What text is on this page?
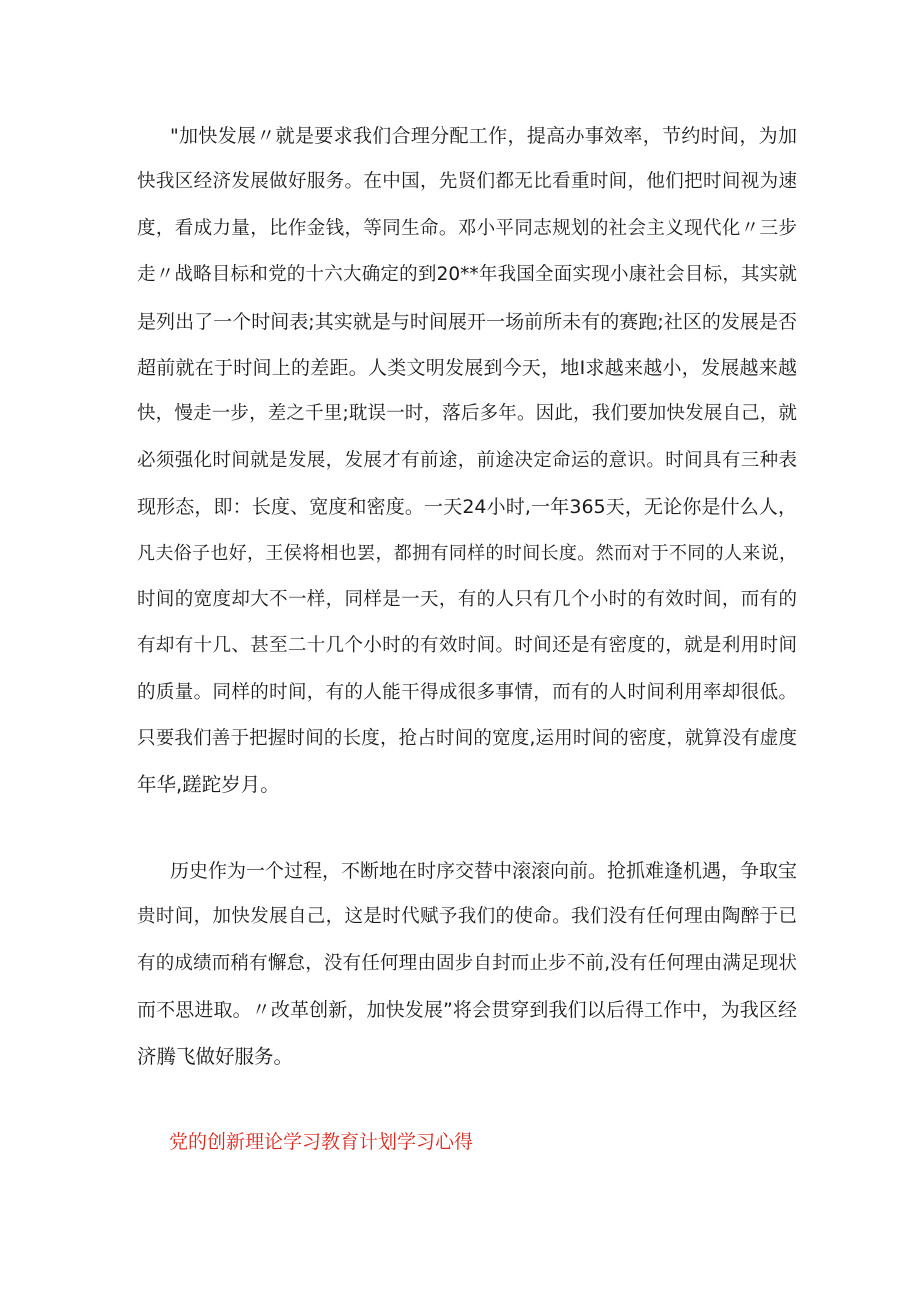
"加快发展〃就是要求我们合理分配工作，提高办事效率，节约时间，为加
快我区经济发展做好服务。在中国，先贤们都无比看重时间，他们把时间视为速
度，看成力量，比作金钱，等同生命。邓小平同志规划的社会主义现代化〃三步
走〃战略目标和党的十六大确定的到20**年我国全面实现小康社会目标，其实就
是列出了一个时间表;其实就是与时间展开一场前所未有的赛跑;社区的发展是否
超前就在于时间上的差距。人类文明发展到今天，地I求越来越小，发展越来越
快，慢走一步，差之千里;耽误一时，落后多年。因此，我们要加快发展自己，就
必须强化时间就是发展，发展才有前途，前途决定命运的意识。时间具有三种表
现形态，即：长度、宽度和密度。一天24小时,一年365天，无论你是什么人，
凡夫俗子也好，王侯将相也罢，都拥有同样的时间长度。然而对于不同的人来说，
时间的宽度却大不一样，同样是一天，有的人只有几个小时的有效时间，而有的
有却有十几、甚至二十几个小时的有效时间。时间还是有密度的，就是利用时间
的质量。同样的时间，有的人能干得成很多事情，而有的人时间利用率却很低。
只要我们善于把握时间的长度，抢占时间的宽度,运用时间的密度，就算没有虚度
年华,蹉跎岁月。
历史作为一个过程，不断地在时序交替中滚滚向前。抢抓难逢机遇，争取宝
贵时间，加快发展自己，这是时代赋予我们的使命。我们没有任何理由陶醉于已
有的成绩而稍有懈怠，没有任何理由固步自封而止步不前,没有任何理由满足现状
而不思进取。〃改革创新，加快发展”将会贯穿到我们以后得工作中，为我区经
济腾飞做好服务。
党的创新理论学习教育计划学习心得
